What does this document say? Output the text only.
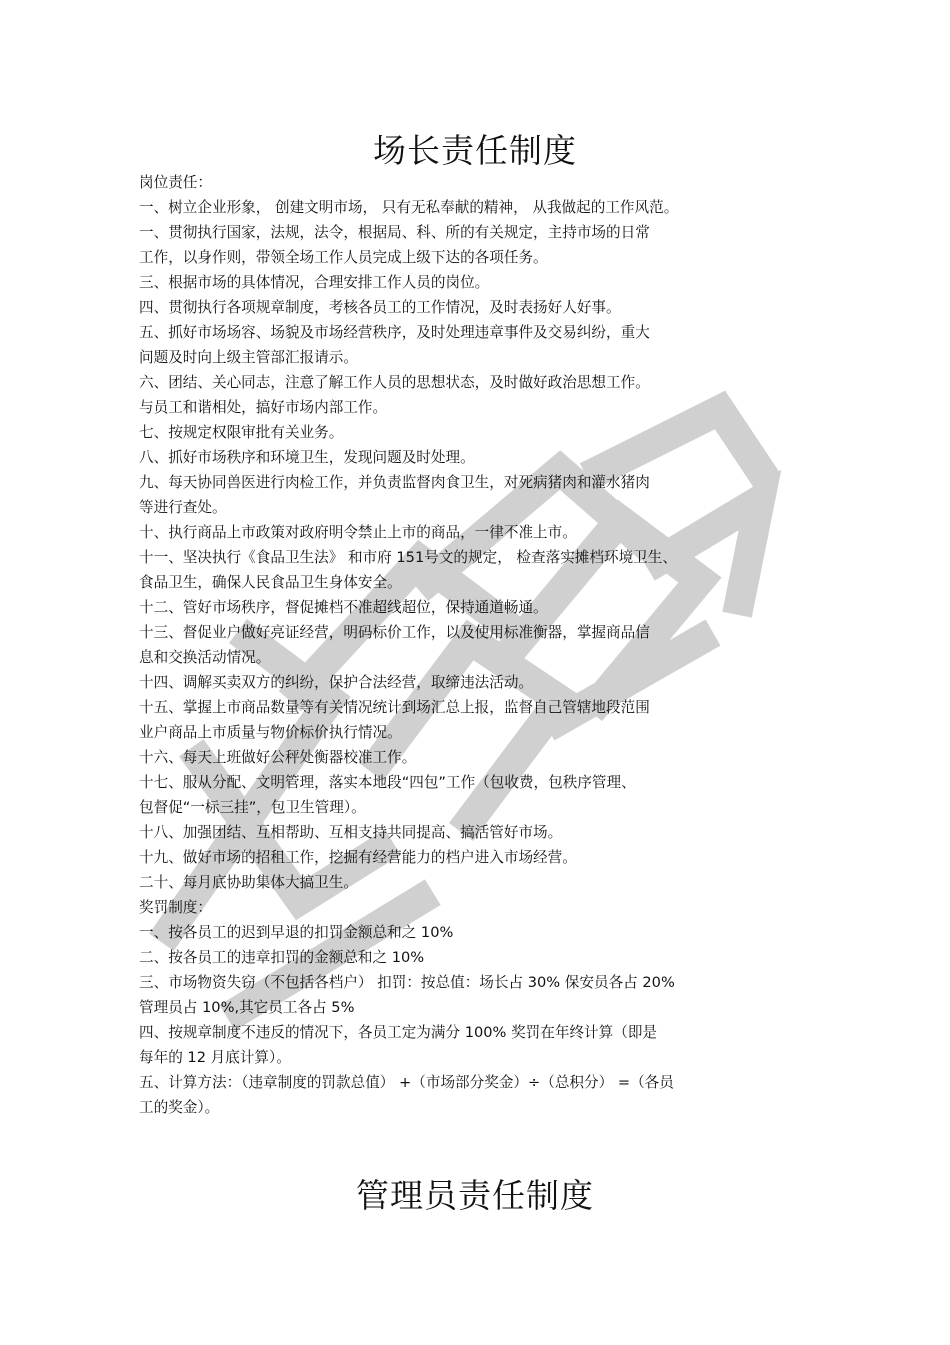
场长责任制度
岗位责任：
一、树立企业形象， 创建文明市场， 只有无私奉献的精神， 从我做起的工作风范。
一、贯彻执行国家，法规，法令，根据局、科、所的有关规定，主持市场的日常
工作，以身作则，带领全场工作人员完成上级下达的各项任务。
三、根据市场的具体情况，合理安排工作人员的岗位。
四、贯彻执行各项规章制度，考核各员工的工作情况，及时表扬好人好事。
五、抓好市场场容、场貌及市场经营秩序，及时处理违章事件及交易纠纷，重大
问题及时向上级主管部汇报请示。
六、团结、关心同志，注意了解工作人员的思想状态，及时做好政治思想工作。
与员工和谐相处，搞好市场内部工作。
七、按规定权限审批有关业务。
八、抓好市场秩序和环境卫生，发现问题及时处理。
九、每天协同兽医进行肉检工作，并负责监督肉食卫生，对死病猪肉和灌水猪肉
等进行查处。
十、执行商品上市政策对政府明令禁止上市的商品，一律不准上市。
十一、坚决执行《食品卫生法》 和市府 151号文的规定， 检查落实摊档环境卫生、
食品卫生，确保人民食品卫生身体安全。
十二、管好市场秩序，督促摊档不准超线超位，保持通道畅通。
十三、督促业户做好亮证经营，明码标价工作，以及使用标准衡器，掌握商品信
息和交换活动情况。
十四、调解买卖双方的纠纷，保护合法经营，取缔违法活动。
十五、掌握上市商品数量等有关情况统计到场汇总上报，监督自己管辖地段范围
业户商品上市质量与物价标价执行情况。
十六、每天上班做好公秤处衡器校准工作。
十七、服从分配、文明管理，落实本地段“四包”工作（包收费，包秩序管理、
包督促“一标三挂”，包卫生管理）。
十八、加强团结、互相帮助、互相支持共同提高、搞活管好市场。
十九、做好市场的招租工作，挖掘有经营能力的档户进入市场经营。
二十、每月底协助集体大搞卫生。
奖罚制度：
一、按各员工的迟到早退的扣罚金额总和之 10%
二、按各员工的违章扣罚的金额总和之 10%
三、市场物资失窃（不包括各档户） 扣罚：按总值：场长占 30% 保安员各占 20%
管理员占 10%,其它员工各占 5%
四、按规章制度不违反的情况下，各员工定为满分 100% 奖罚在年终计算（即是
每年的 12 月底计算）。
五、计算方法：（违章制度的罚款总值） +（市场部分奖金）÷（总积分） =（各员
工的奖金）。
管理员责任制度
